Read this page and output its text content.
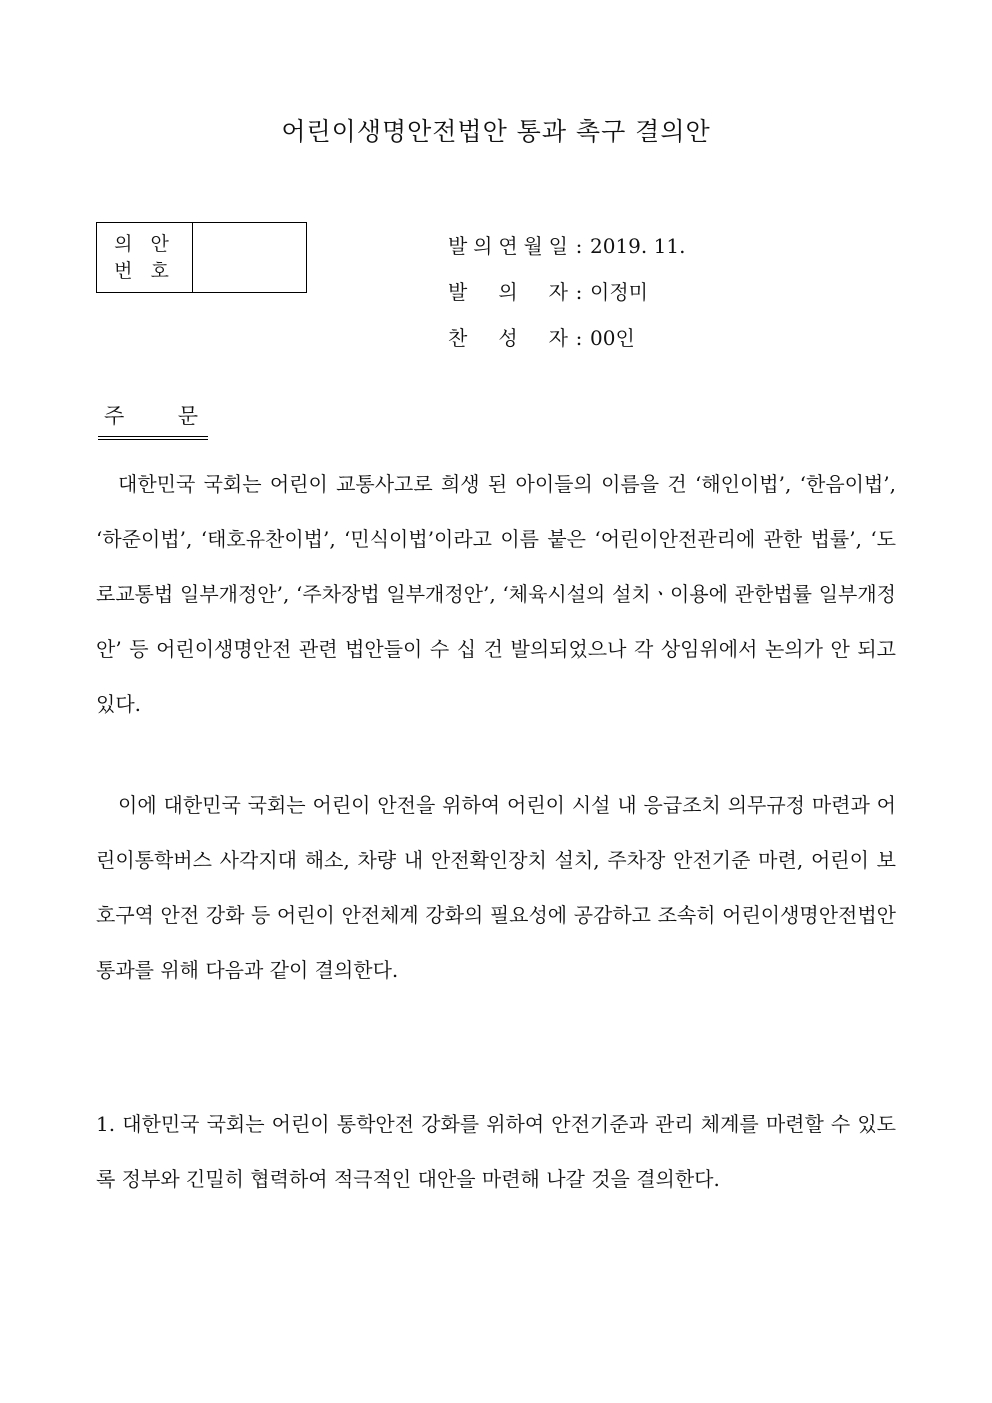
어린이생명안전법안 통과 촉구 결의안
의 안
번 호
발 의 연 월 일 : 2019. 11.
발 의 자 : 이정미
찬 성 자 : 00인
주	문
대한민국 국회는 어린이 교통사고로 희생 된 아이들의 이름을 건 ‘해인이법’, ‘한음이법’, ‘하준이법’, ‘태호유찬이법’, ‘민식이법’이라고 이름 붙은 ‘어린이안전관리에 관한 법률’, ‘도로교통법 일부개정안’, ‘주차장법 일부개정안’, ‘체육시설의 설치ㆍ이용에 관한법률 일부개정안’ 등 어린이생명안전 관련 법안들이 수 십 건 발의되었으나 각 상임위에서 논의가 안 되고 있다.
이에 대한민국 국회는 어린이 안전을 위하여 어린이 시설 내 응급조치 의무규정 마련과 어린이통학버스 사각지대 해소, 차량 내 안전확인장치 설치, 주차장 안전기준 마련, 어린이 보호구역 안전 강화 등 어린이 안전체계 강화의 필요성에 공감하고 조속히 어린이생명안전법안 통과를 위해 다음과 같이 결의한다.
1. 대한민국 국회는 어린이 통학안전 강화를 위하여 안전기준과 관리 체계를 마련할 수 있도록 정부와 긴밀히 협력하여 적극적인 대안을 마련해 나갈 것을 결의한다.
